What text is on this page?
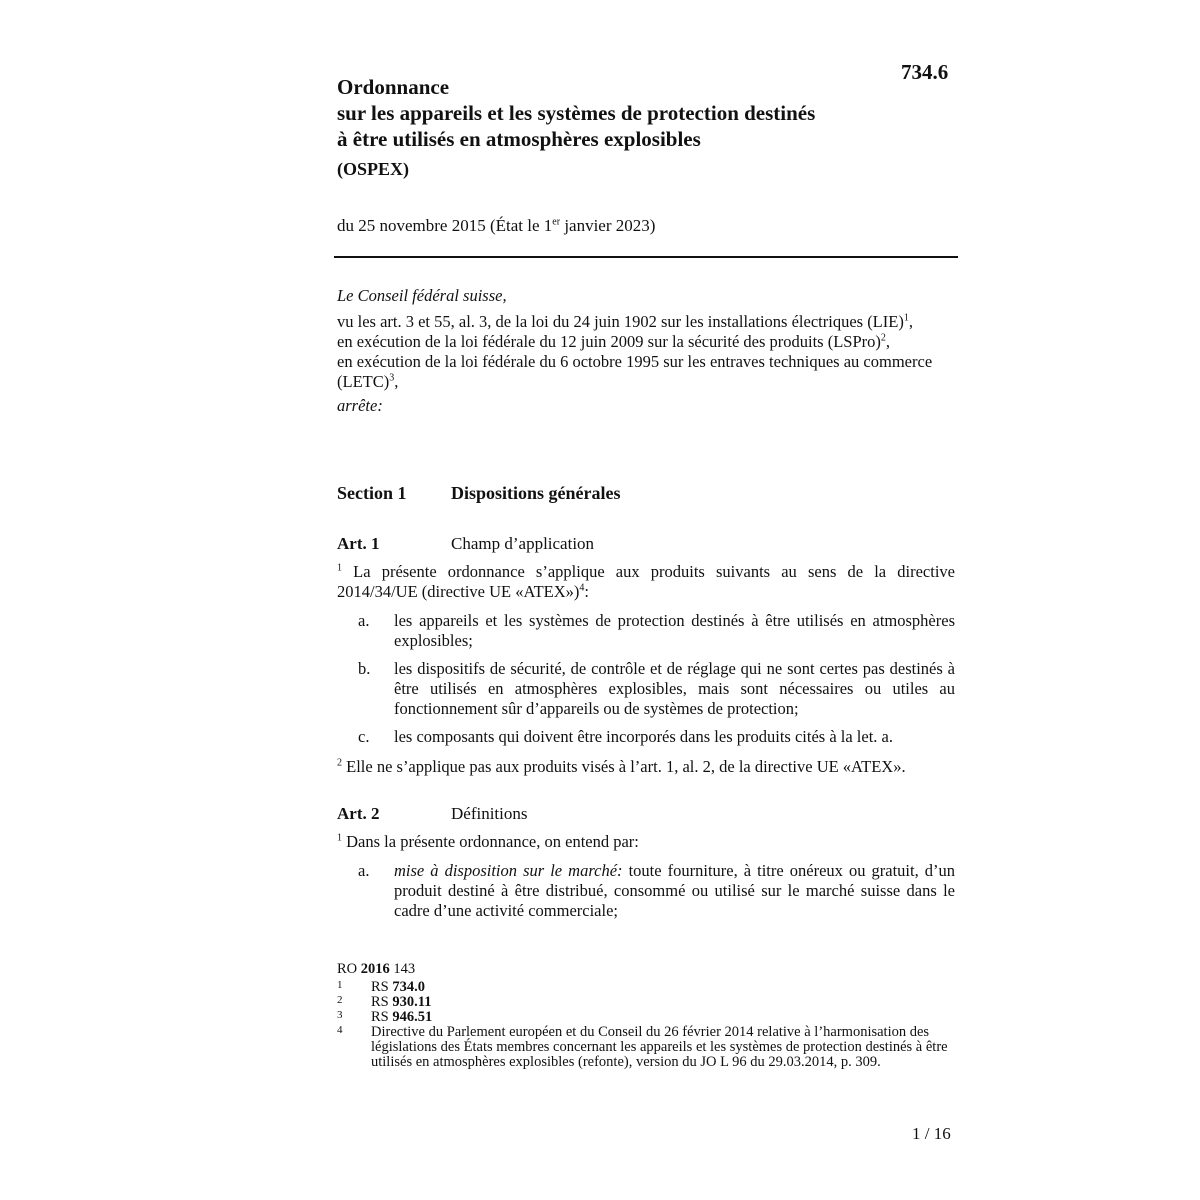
734.6
Ordonnance
sur les appareils et les systèmes de protection destinés
à être utilisés en atmosphères explosibles
(OSPEX)
du 25 novembre 2015 (État le 1er janvier 2023)
Le Conseil fédéral suisse,
vu les art. 3 et 55, al. 3, de la loi du 24 juin 1902 sur les installations électriques (LIE)$^1$,
en exécution de la loi fédérale du 12 juin 2009 sur la sécurité des produits (LSPro)$^2$,
en exécution de la loi fédérale du 6 octobre 1995 sur les entraves techniques au commerce (LETC)$^3$,
arrête:
Section 1 Dispositions générales
Art. 1	Champ d’application
$^1$ La présente ordonnance s’applique aux produits suivants au sens de la directive 2014/34/UE (directive UE «ATEX»)$^4$:
a. les appareils et les systèmes de protection destinés à être utilisés en atmosphères explosibles;
b. les dispositifs de sécurité, de contrôle et de réglage qui ne sont certes pas destinés à être utilisés en atmosphères explosibles, mais sont nécessaires ou utiles au fonctionnement sûr d’appareils ou de systèmes de protection;
c. les composants qui doivent être incorporés dans les produits cités à la let. a.
$^2$ Elle ne s’applique pas aux produits visés à l’art. 1, al. 2, de la directive UE «ATEX».
Art. 2	Définitions
$^1$ Dans la présente ordonnance, on entend par:
a. mise à disposition sur le marché: toute fourniture, à titre onéreux ou gratuit, d’un produit destiné à être distribué, consommé ou utilisé sur le marché suisse dans le cadre d’une activité commerciale;
RO 2016 143
1 RS 734.0
2 RS 930.11
3 RS 946.51
4 Directive du Parlement européen et du Conseil du 26 février 2014 relative à l’harmonisation des législations des États membres concernant les appareils et les systèmes de protection destinés à être utilisés en atmosphères explosibles (refonte), version du JO L 96 du 29.03.2014, p. 309.
1 / 16
